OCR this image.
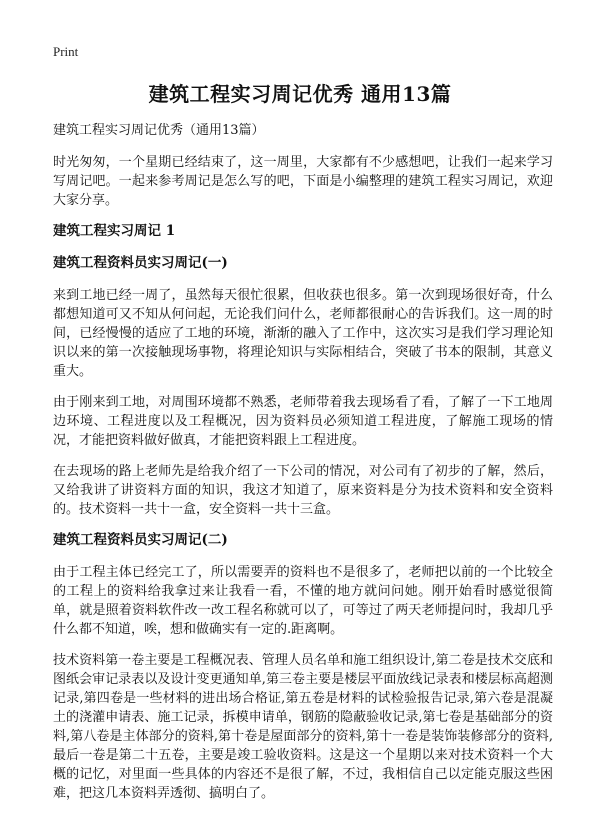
Print
建筑工程实习周记优秀 通用13篇
建筑工程实习周记优秀（通用13篇）

时光匆匆，一个星期已经结束了，这一周里，大家都有不少感想吧，让我们一起来学习写周记吧。一起来参考周记是怎么写的吧，下面是小编整理的建筑工程实习周记，欢迎大家分享。

建筑工程实习周记 1
建筑工程资料员实习周记(一)

来到工地已经一周了，虽然每天很忙很累，但收获也很多。第一次到现场很好奇，什么都想知道可又不知从何问起，无论我们问什么，老师都很耐心的告诉我们。这一周的时间，已经慢慢的适应了工地的环境，渐渐的融入了工作中，这次实习是我们学习理论知识以来的第一次接触现场事物，将理论知识与实际相结合，突破了书本的限制，其意义重大。

由于刚来到工地，对周围环境都不熟悉，老师带着我去现场看了看，了解了一下工地周边环境、工程进度以及工程概况，因为资料员必须知道工程进度，了解施工现场的情况，才能把资料做好做真，才能把资料跟上工程进度。

在去现场的路上老师先是给我介绍了一下公司的情况，对公司有了初步的了解，然后，又给我讲了讲资料方面的知识，我这才知道了，原来资料是分为技术资料和安全资料的。技术资料一共十一盒，安全资料一共十三盒。

建筑工程资料员实习周记(二)

由于工程主体已经完工了，所以需要弄的资料也不是很多了，老师把以前的一个比较全的工程上的资料给我拿过来让我看一看，不懂的地方就问问她。刚开始看时感觉很简单，就是照着资料软件改一改工程名称就可以了，可等过了两天老师提问时，我却几乎什么都不知道，唉，想和做确实有一定的.距离啊。

技术资料第一卷主要是工程概况表、管理人员名单和施工组织设计,第二卷是技术交底和图纸会审记录表以及设计变更通知单,第三卷主要是楼层平面放线记录表和楼层标高超测记录,第四卷是一些材料的进出场合格证,第五卷是材料的试检验报告记录,第六卷是混凝土的浇灌申请表、施工记录，拆模申请单，钢筋的隐蔽验收记录,第七卷是基础部分的资料,第八卷是主体部分的资料,第十卷是屋面部分的资料,第十一卷是装饰装修部分的资料,最后一卷是第二十五卷，主要是竣工验收资料。这是这一个星期以来对技术资料一个大概的记忆，对里面一些具体的内容还不是很了解，不过，我相信自己以定能克服这些困难，把这几本资料弄透彻、搞明白了。
